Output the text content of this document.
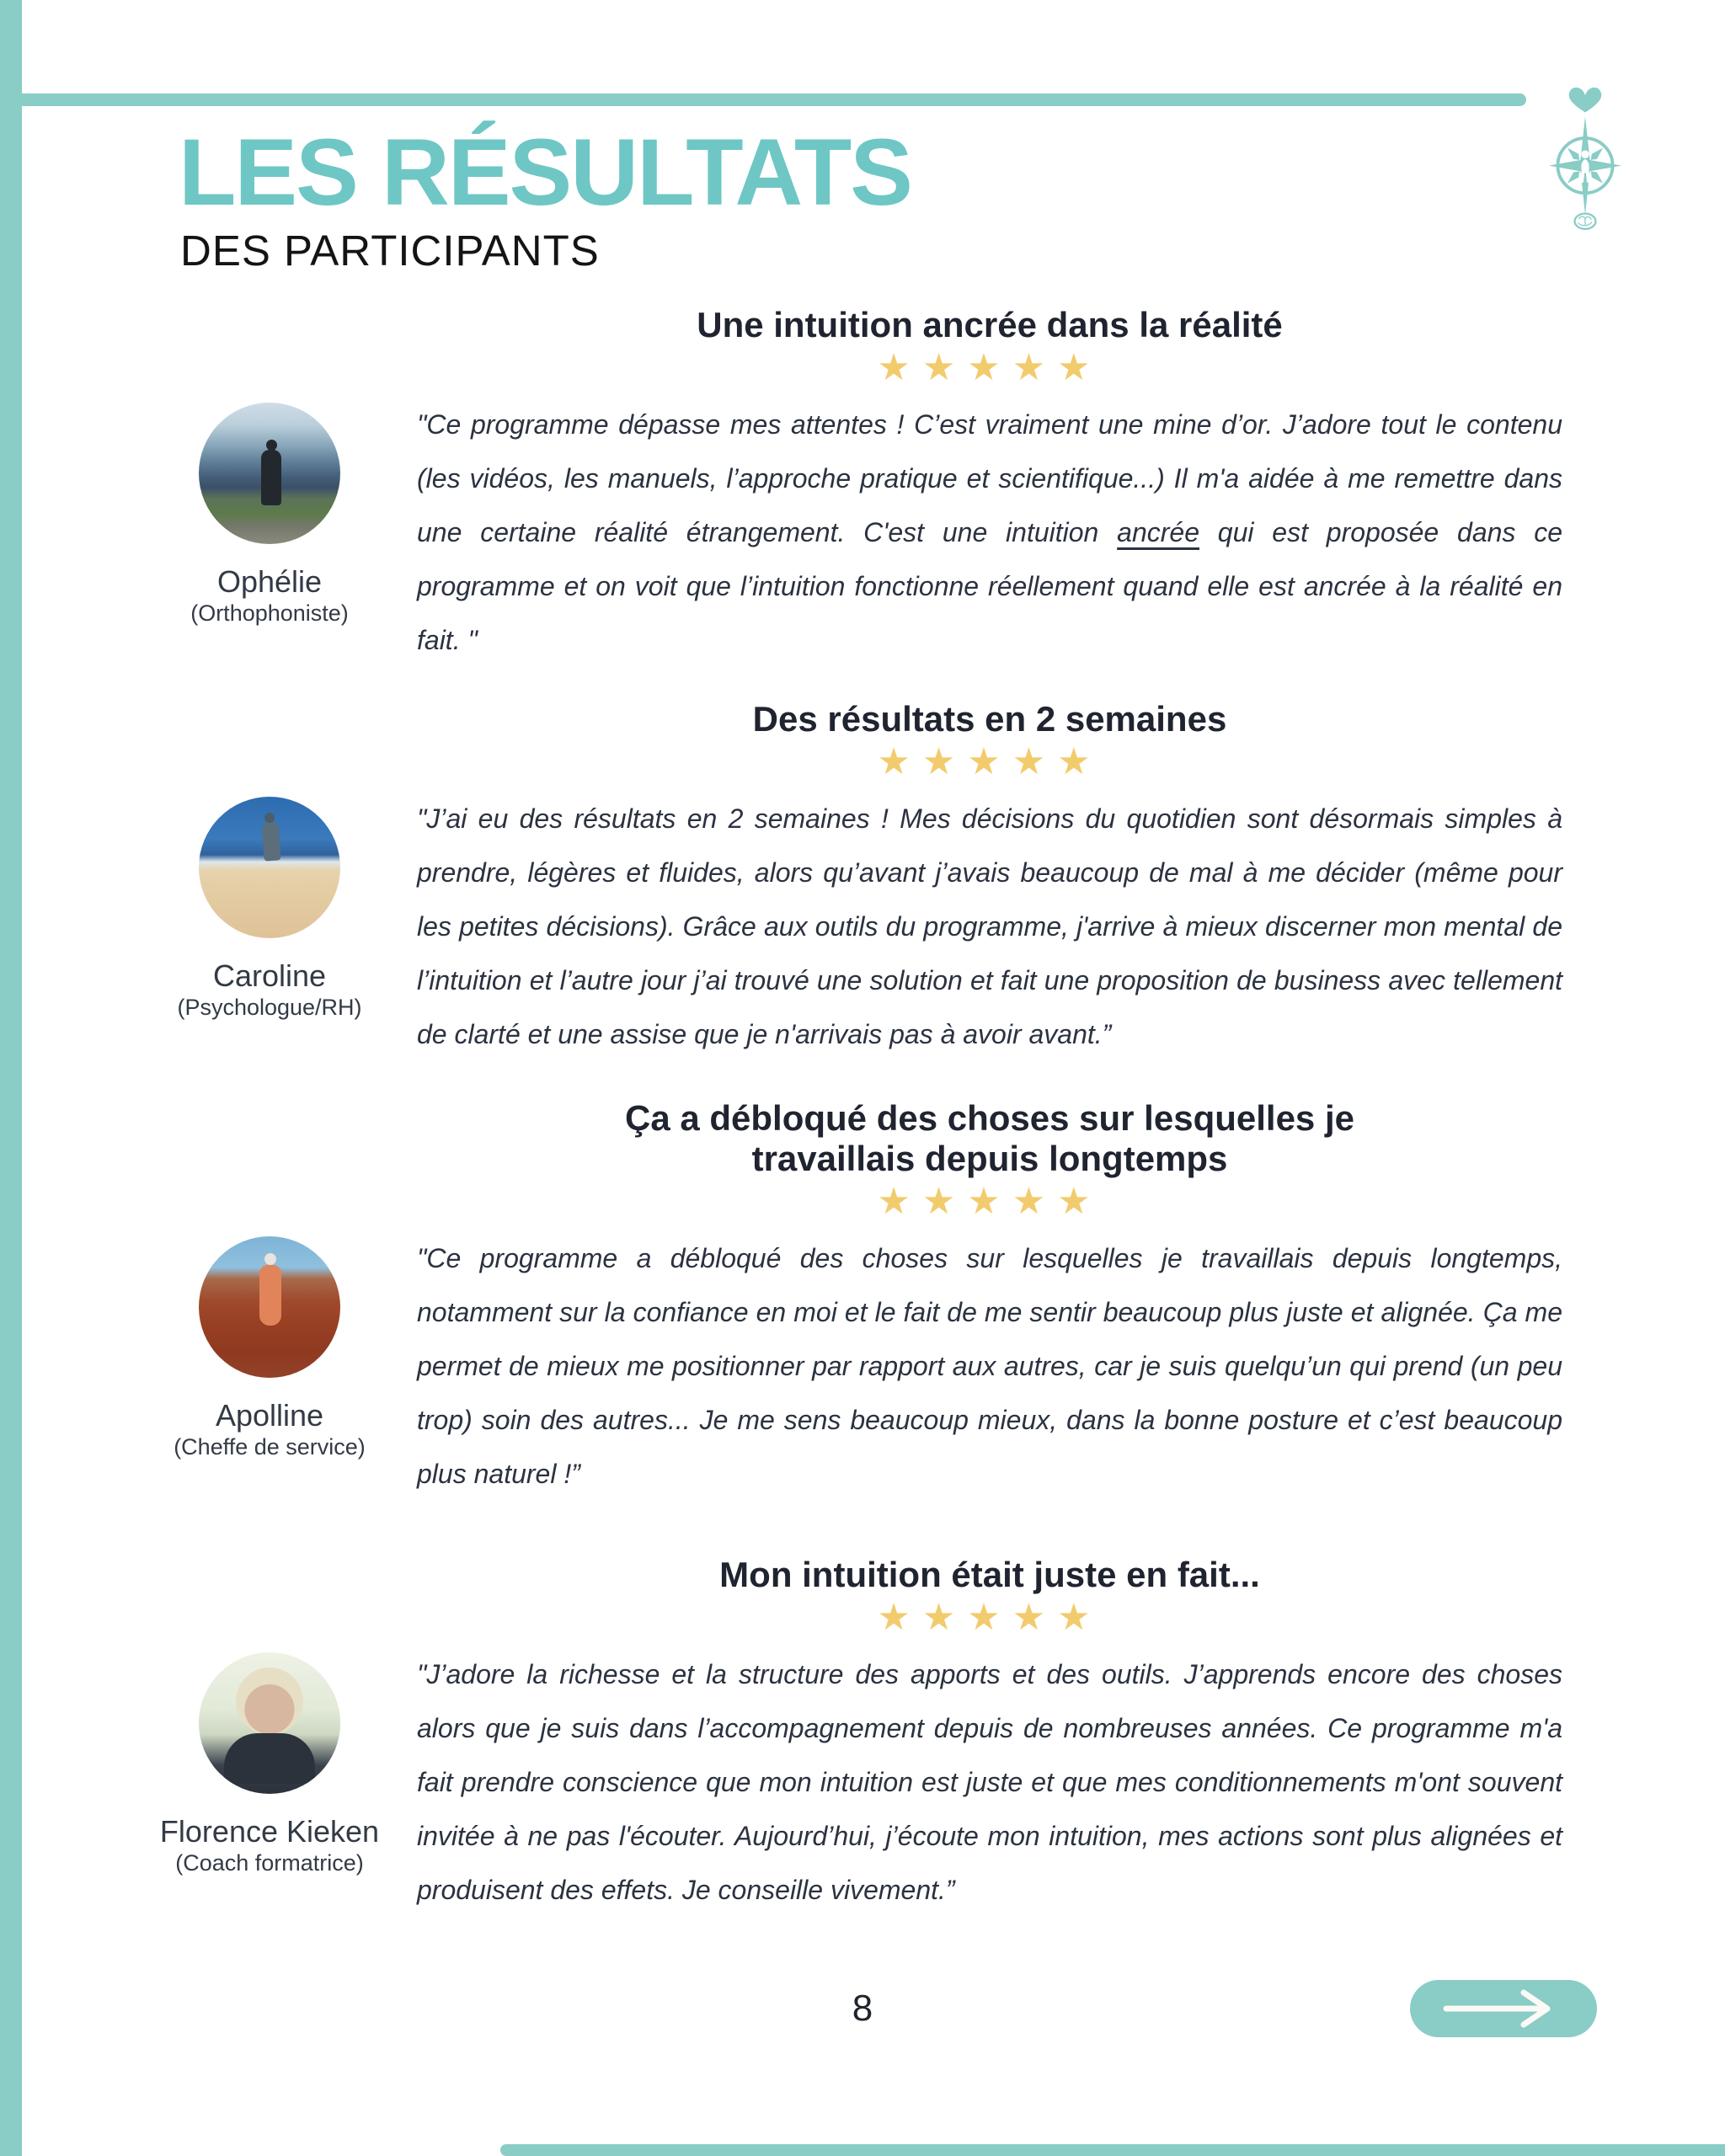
LES RÉSULTATS
DES PARTICIPANTS
Une intuition ancrée dans la réalité
★★★★★
Ophélie
(Orthophoniste)

"Ce programme dépasse mes attentes ! C’est vraiment une mine d’or. J’adore tout le contenu (les vidéos, les manuels, l’approche pratique et scientifique...) Il m'a aidée à me remettre dans une certaine réalité étrangement. C'est une intuition ancrée qui est proposée dans ce programme et on voit que l’intuition fonctionne réellement quand elle est ancrée à la réalité en fait. "

Des résultats en 2 semaines
★★★★★
Caroline
(Psychologue/RH)

"J’ai eu des résultats en 2 semaines ! Mes décisions du quotidien sont désormais simples à prendre, légères et fluides, alors qu’avant j’avais beaucoup de mal à me décider (même pour les petites décisions). Grâce aux outils du programme, j'arrive à mieux discerner mon mental de l’intuition et l’autre jour j’ai trouvé une solution et fait une proposition de business avec tellement de clarté et une assise que je n'arrivais pas à avoir avant.”

Ça a débloqué des choses sur lesquelles je travaillais depuis longtemps
★★★★★
Apolline
(Cheffe de service)

"Ce programme a débloqué des choses sur lesquelles je travaillais depuis longtemps, notamment sur la confiance en moi et le fait de me sentir beaucoup plus juste et alignée. Ça me permet de mieux me positionner par rapport aux autres, car je suis quelqu’un qui prend (un peu trop) soin des autres... Je me sens beaucoup mieux, dans la bonne posture et c’est beaucoup plus naturel !”

Mon intuition était juste en fait...
★★★★★
Florence Kieken
(Coach formatrice)

"J’adore la richesse et la structure des apports et des outils. J’apprends encore des choses alors que je suis dans l’accompagnement depuis de nombreuses années. Ce programme m'a fait prendre conscience que mon intuition est juste et que mes conditionnements m'ont souvent invitée à ne pas l'écouter. Aujourd’hui, j’écoute mon intuition, mes actions sont plus alignées et produisent des effets. Je conseille vivement.”

8
